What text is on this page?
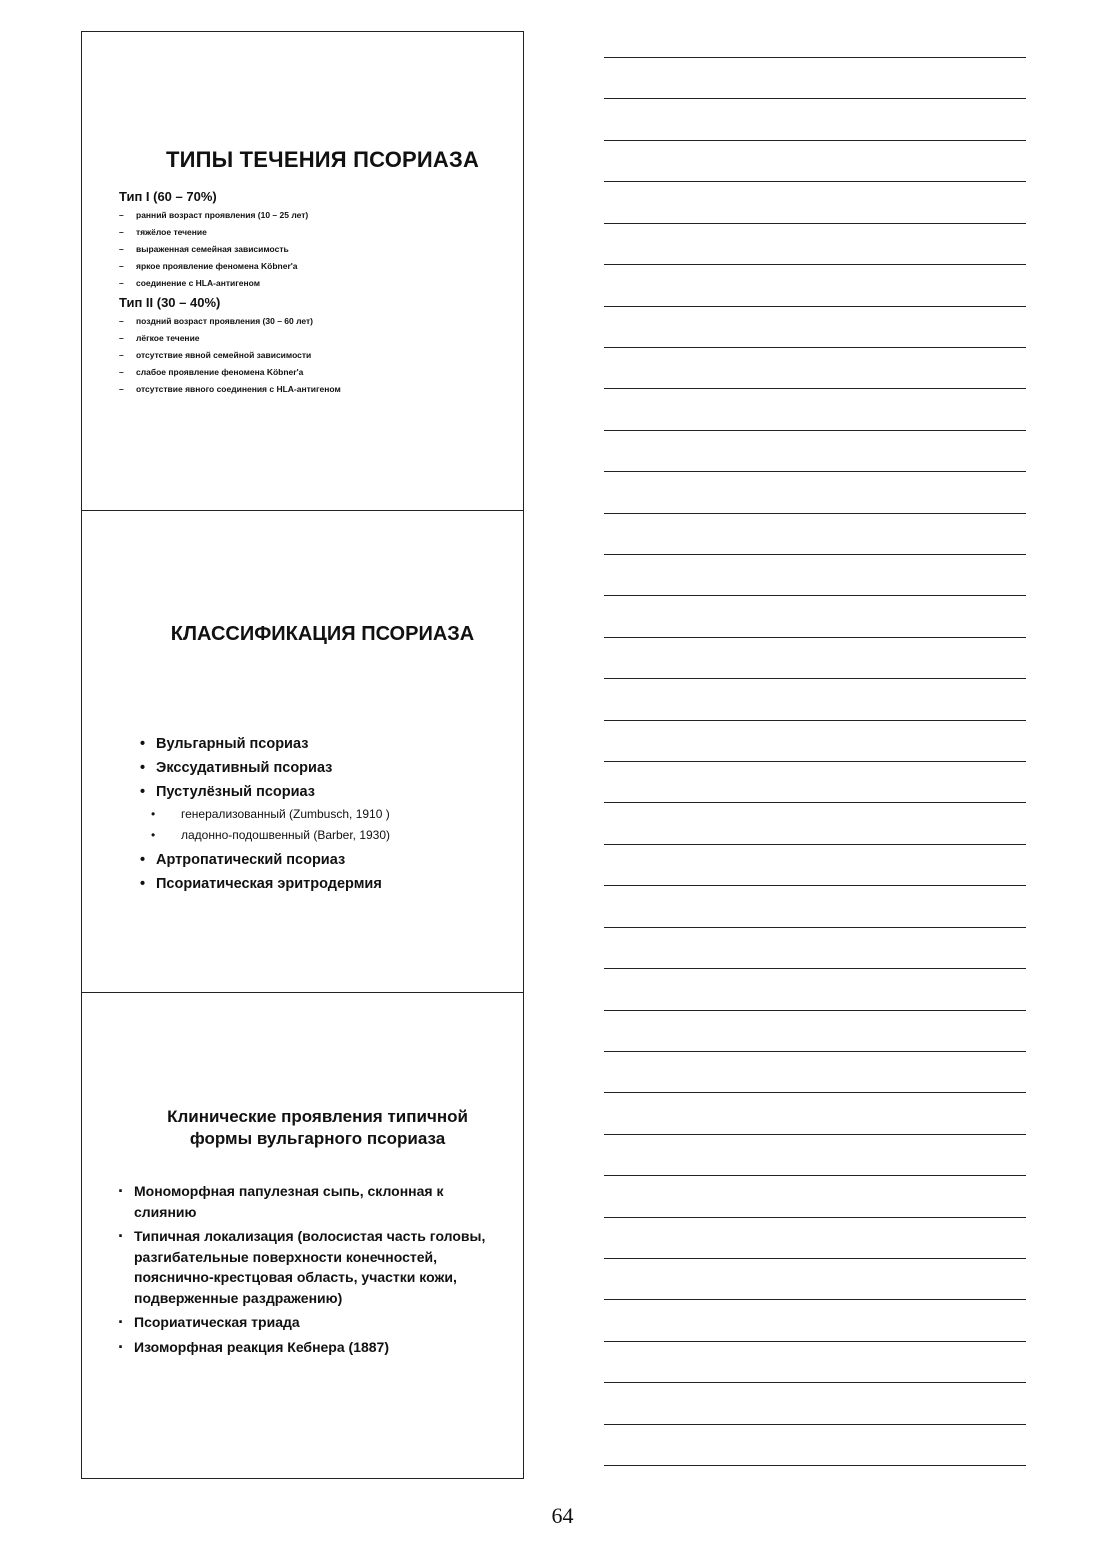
ТИПЫ ТЕЧЕНИЯ ПСОРИАЗА
Тип I (60 – 70%)
– ранний возраст проявления (10 – 25 лет)
– тяжёлое течение
– выраженная семейная зависимость
– яркое проявление феномена Köbner'a
– соединение с HLA-антигеном
Тип II (30 – 40%)
– поздний возраст проявления (30 – 60 лет)
– лёгкое течение
– отсутствие явной семейной зависимости
– слабое проявление феномена Köbner'a
– отсутствие явного соединения с HLA-антигеном
КЛАССИФИКАЦИЯ ПСОРИАЗА
• Вульгарный псориаз
• Экссудативный псориаз
• Пустулёзный псориаз
• генерализованный (Zumbusch, 1910 )
• ладонно-подошвенный (Barber, 1930)
• Артропатический псориаз
• Псориатическая эритродермия
Клинические проявления типичной
формы вульгарного псориаза
· Мономорфная папулезная сыпь, склонная к слиянию
· Типичная локализация (волосистая часть головы, разгибательные поверхности конечностей, пояснично-крестцовая область, участки кожи, подверженные раздражению)
· Псориатическая триада
· Изоморфная реакция Кебнера (1887)
64
